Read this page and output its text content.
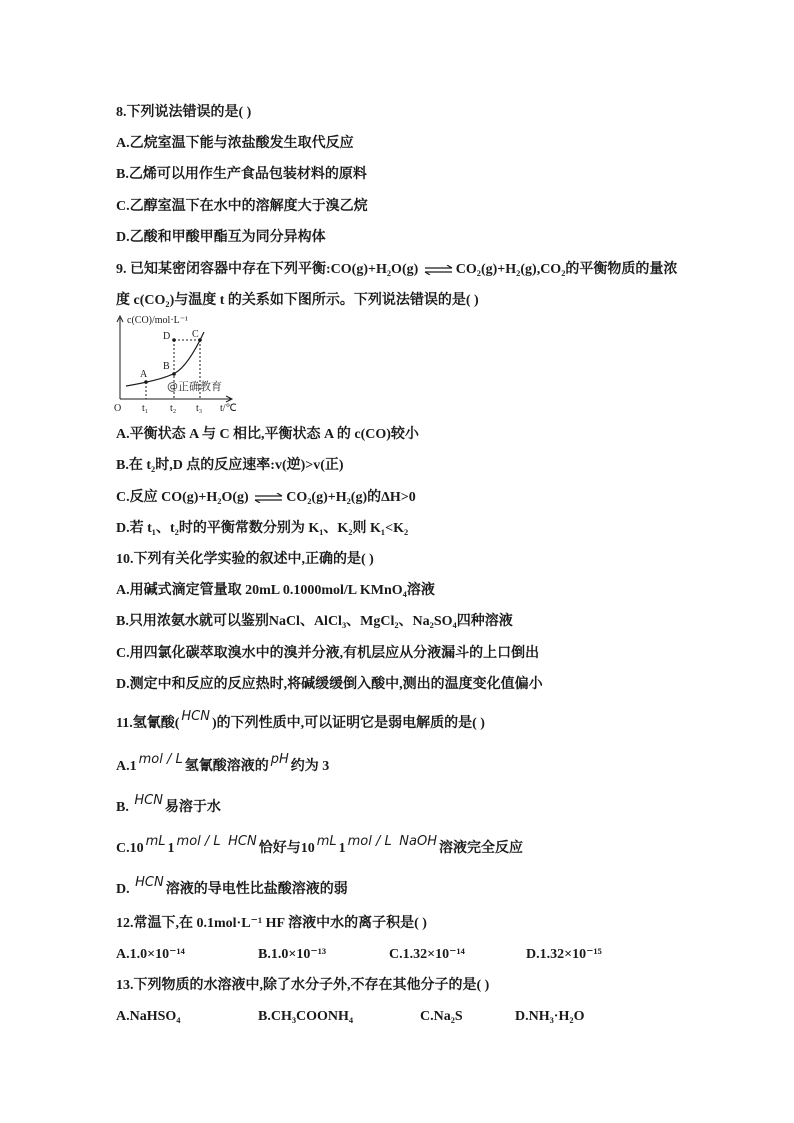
8.下列说法错误的是( )
A.乙烷室温下能与浓盐酸发生取代反应
B.乙烯可以用作生产食品包装材料的原料
C.乙醇室温下在水中的溶解度大于溴乙烷
D.乙酸和甲酸甲酯互为同分异构体
9. 已知某密闭容器中存在下列平衡:CO(g)+H₂O(g) ⇌ CO₂(g)+H₂(g),CO₂的平衡物质的量浓
度 c(CO₂)与温度 t 的关系如下图所示。下列说法错误的是( )
c(CO)/mol·L⁻¹
A
B
C
D
@正确教育
O t₁ t₂ t₃ t/℃
A.平衡状态 A 与 C 相比,平衡状态 A 的 c(CO)较小
B.在 t₂时,D 点的反应速率:v(逆)>v(正)
C.反应 CO(g)+H₂O(g) ⇌ CO₂(g)+H₂(g)的ΔH>0
D.若 t₁、t₂时的平衡常数分别为 K₁、K₂则 K₁<K₂
10.下列有关化学实验的叙述中,正确的是( )
A.用碱式滴定管量取 20mL 0.1000mol/L KMnO₄溶液
B.只用浓氨水就可以鉴别NaCl、AlCl₃、MgCl₂、Na₂SO₄四种溶液
C.用四氯化碳萃取溴水中的溴并分液,有机层应从分液漏斗的上口倒出
D.测定中和反应的反应热时,将碱缓缓倒入酸中,测出的温度变化值偏小
11.氢氰酸( HCN )的下列性质中,可以证明它是弱电解质的是( )
A.1 mol / L 氢氰酸溶液的 pH 约为 3
B. HCN 易溶于水
C.10 mL 1 mol / L HCN 恰好与10 mL 1 mol / L NaOH 溶液完全反应
D. HCN 溶液的导电性比盐酸溶液的弱
12.常温下,在 0.1mol·L⁻¹ HF 溶液中水的离子积是( )
A.1.0×10⁻¹⁴	B.1.0×10⁻¹³	C.1.32×10⁻¹⁴	D.1.32×10⁻¹⁵
13.下列物质的水溶液中,除了水分子外,不存在其他分子的是( )
A.NaHSO₄	B.CH₃COONH₄	C.Na₂S	D.NH₃·H₂O
